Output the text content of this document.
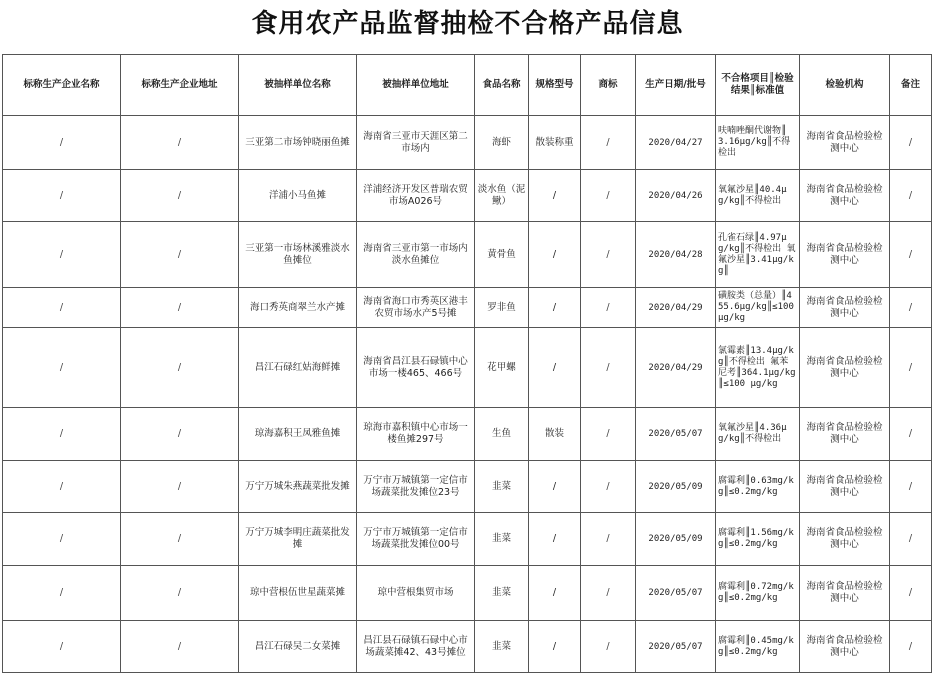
食用农产品监督抽检不合格产品信息
标称生产企业名称	标称生产企业地址	被抽样单位名称	被抽样单位地址	食品名称	规格型号	商标	生产日期/批号	不合格项目║检验结果║标准值	检验机构	备注
/	/	三亚第二市场钟晓丽鱼摊	海南省三亚市天涯区第二市场内	海虾	散装称重	/	2020/04/27	呋喃唑酮代谢物║3.16μg/kg║不得检出	海南省食品检验检测中心	/
/	/	洋浦小马鱼摊	洋浦经济开发区普瑞农贸市场A026号	淡水鱼（泥鳅）	/	/	2020/04/26	氧氟沙星║40.4μg/kg║不得检出	海南省食品检验检测中心	/
/	/	三亚第一市场林溪雅淡水鱼摊位	海南省三亚市第一市场内淡水鱼摊位	黄骨鱼	/	/	2020/04/28	孔雀石绿║4.97μg/kg║不得检出 氧氟沙星║3.41μg/kg║	海南省食品检验检测中心	/
/	/	海口秀英商翠兰水产摊	海南省海口市秀英区港丰农贸市场水产5号摊	罗非鱼	/	/	2020/04/29	磺胺类（总量）║455.6μg/kg║≤100μg/kg	海南省食品检验检测中心	/
/	/	昌江石碌红姑海鲜摊	海南省昌江县石碌镇中心市场一楼465、466号	花甲螺	/	/	2020/04/29	氯霉素║13.4μg/kg║不得检出 氟苯尼考║364.1μg/kg║≤100 μg/kg	海南省食品检验检测中心	/
/	/	琼海嘉积王凤雅鱼摊	琼海市嘉积镇中心市场一楼鱼摊297号	生鱼	散装	/	2020/05/07	氧氟沙星║4.36μg/kg║不得检出	海南省食品检验检测中心	/
/	/	万宁万城朱燕蔬菜批发摊	万宁市万城镇第一定信市场蔬菜批发摊位23号	韭菜	/	/	2020/05/09	腐霉利║0.63mg/kg║≤0.2mg/kg	海南省食品检验检测中心	/
/	/	万宁万城李明庄蔬菜批发摊	万宁市万城镇第一定信市场蔬菜批发摊位00号	韭菜	/	/	2020/05/09	腐霉利║1.56mg/kg║≤0.2mg/kg	海南省食品检验检测中心	/
/	/	琼中营根伍世星蔬菜摊	琼中营根集贸市场	韭菜	/	/	2020/05/07	腐霉利║0.72mg/kg║≤0.2mg/kg	海南省食品检验检测中心	/
/	/	昌江石碌吴二女菜摊	昌江县石碌镇石碌中心市场蔬菜摊42、43号摊位	韭菜	/	/	2020/05/07	腐霉利║0.45mg/kg║≤0.2mg/kg	海南省食品检验检测中心	/
